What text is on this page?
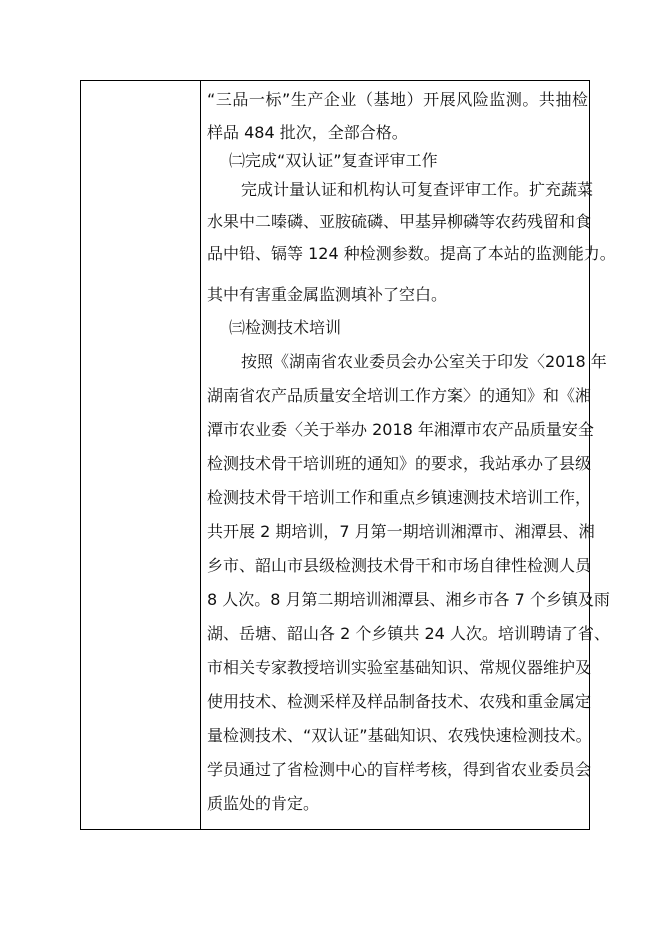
“三品一标”生产企业（基地）开展风险监测。共抽检
样品 484 批次，全部合格。
㈡完成“双认证”复查评审工作
完成计量认证和机构认可复查评审工作。扩充蔬菜
水果中二嗪磷、亚胺硫磷、甲基异柳磷等农药残留和食
品中铅、镉等 124 种检测参数。提高了本站的监测能力。
其中有害重金属监测填补了空白。
㈢检测技术培训
按照《湖南省农业委员会办公室关于印发〈2018 年
湖南省农产品质量安全培训工作方案〉的通知》和《湘
潭市农业委〈关于举办 2018 年湘潭市农产品质量安全
检测技术骨干培训班的通知》的要求，我站承办了县级
检测技术骨干培训工作和重点乡镇速测技术培训工作，
共开展 2 期培训，7 月第一期培训湘潭市、湘潭县、湘
乡市、韶山市县级检测技术骨干和市场自律性检测人员
8 人次。8 月第二期培训湘潭县、湘乡市各 7 个乡镇及雨
湖、岳塘、韶山各 2 个乡镇共 24 人次。培训聘请了省、
市相关专家教授培训实验室基础知识、常规仪器维护及
使用技术、检测采样及样品制备技术、农残和重金属定
量检测技术、“双认证”基础知识、农残快速检测技术。
学员通过了省检测中心的盲样考核，得到省农业委员会
质监处的肯定。
